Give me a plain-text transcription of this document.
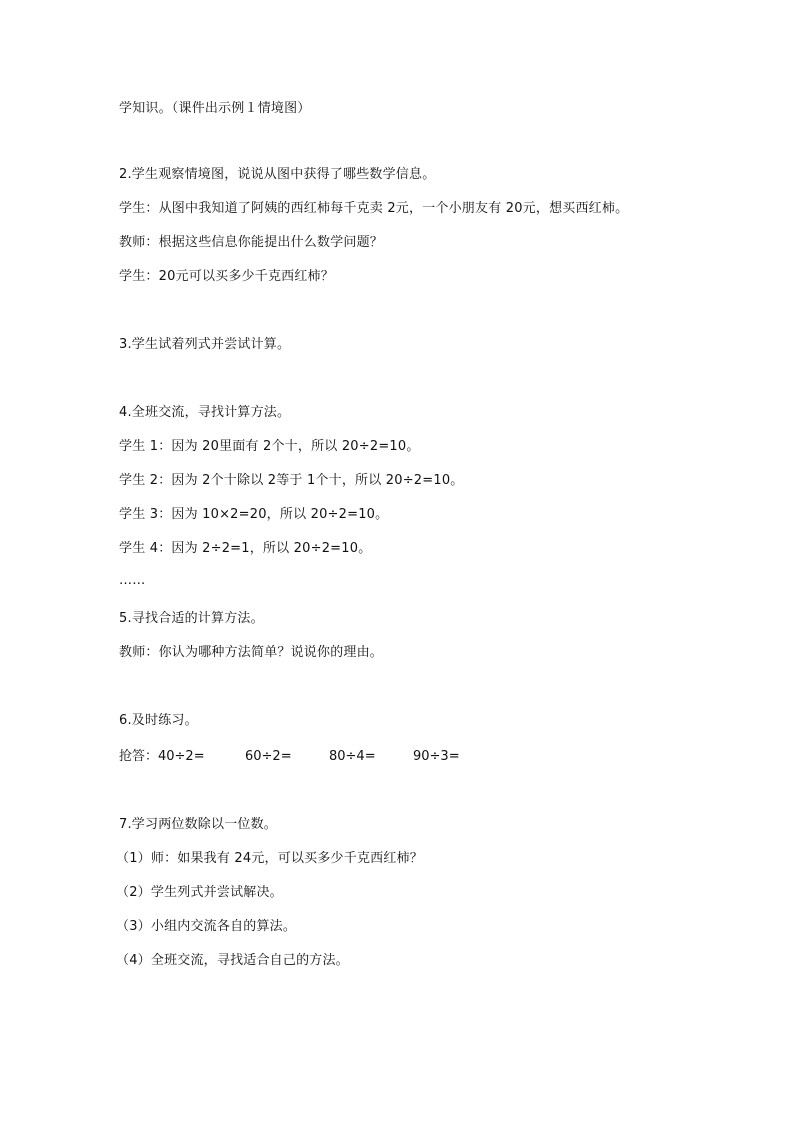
学知识。（课件出示例１情境图）
2.学生观察情境图，说说从图中获得了哪些数学信息。
学生：从图中我知道了阿姨的西红柿每千克卖 2元，一个小朋友有 20元，想买西红柿。
教师：根据这些信息你能提出什么数学问题？
学生：20元可以买多少千克西红柿？
3.学生试着列式并尝试计算。
4.全班交流，寻找计算方法。
学生 1：因为 20里面有 2个十，所以 20÷2=10。
学生 2：因为 2个十除以 2等于 1个十，所以 20÷2=10。
学生 3：因为 10×2=20，所以 20÷2=10。
学生 4：因为 2÷2=1，所以 20÷2=10。
……
5.寻找合适的计算方法。
教师：你认为哪种方法简单？说说你的理由。
6.及时练习。

抢答：40÷2=

	60÷2=

	80÷4=

	90÷3=

7.学习两位数除以一位数。
（1）师：如果我有 24元，可以买多少千克西红柿？
（2）学生列式并尝试解决。
（3）小组内交流各自的算法。
（4）全班交流，寻找适合自己的方法。
